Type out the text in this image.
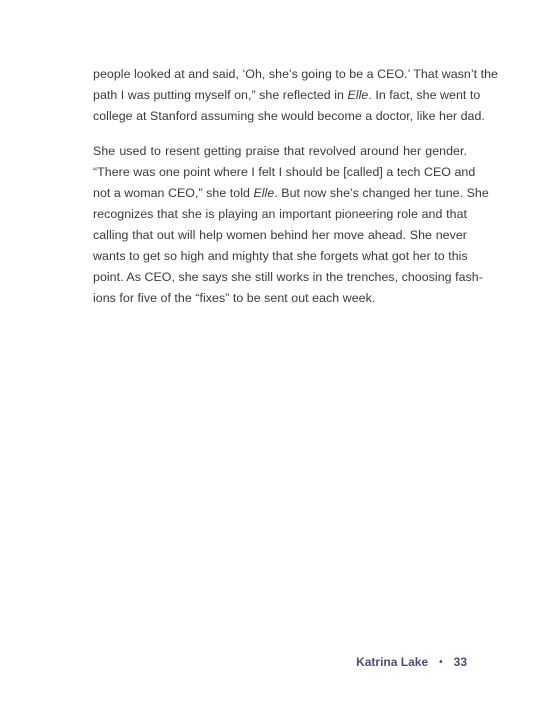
people looked at and said, ‘Oh, she’s going to be a CEO.’ That wasn’t the
path I was putting myself on,” she reflected in Elle. In fact, she went to
college at Stanford assuming she would become a doctor, like her dad.

She used to resent getting praise that revolved around her gender.
“There was one point where I felt I should be [called] a tech CEO and
not a woman CEO,” she told Elle. But now she’s changed her tune. She
recognizes that she is playing an important pioneering role and that
calling that out will help women behind her move ahead. She never
wants to get so high and mighty that she forgets what got her to this
point. As CEO, she says she still works in the trenches, choosing fash-
ions for five of the “fixes” to be sent out each week.

Katrina Lake • 33
